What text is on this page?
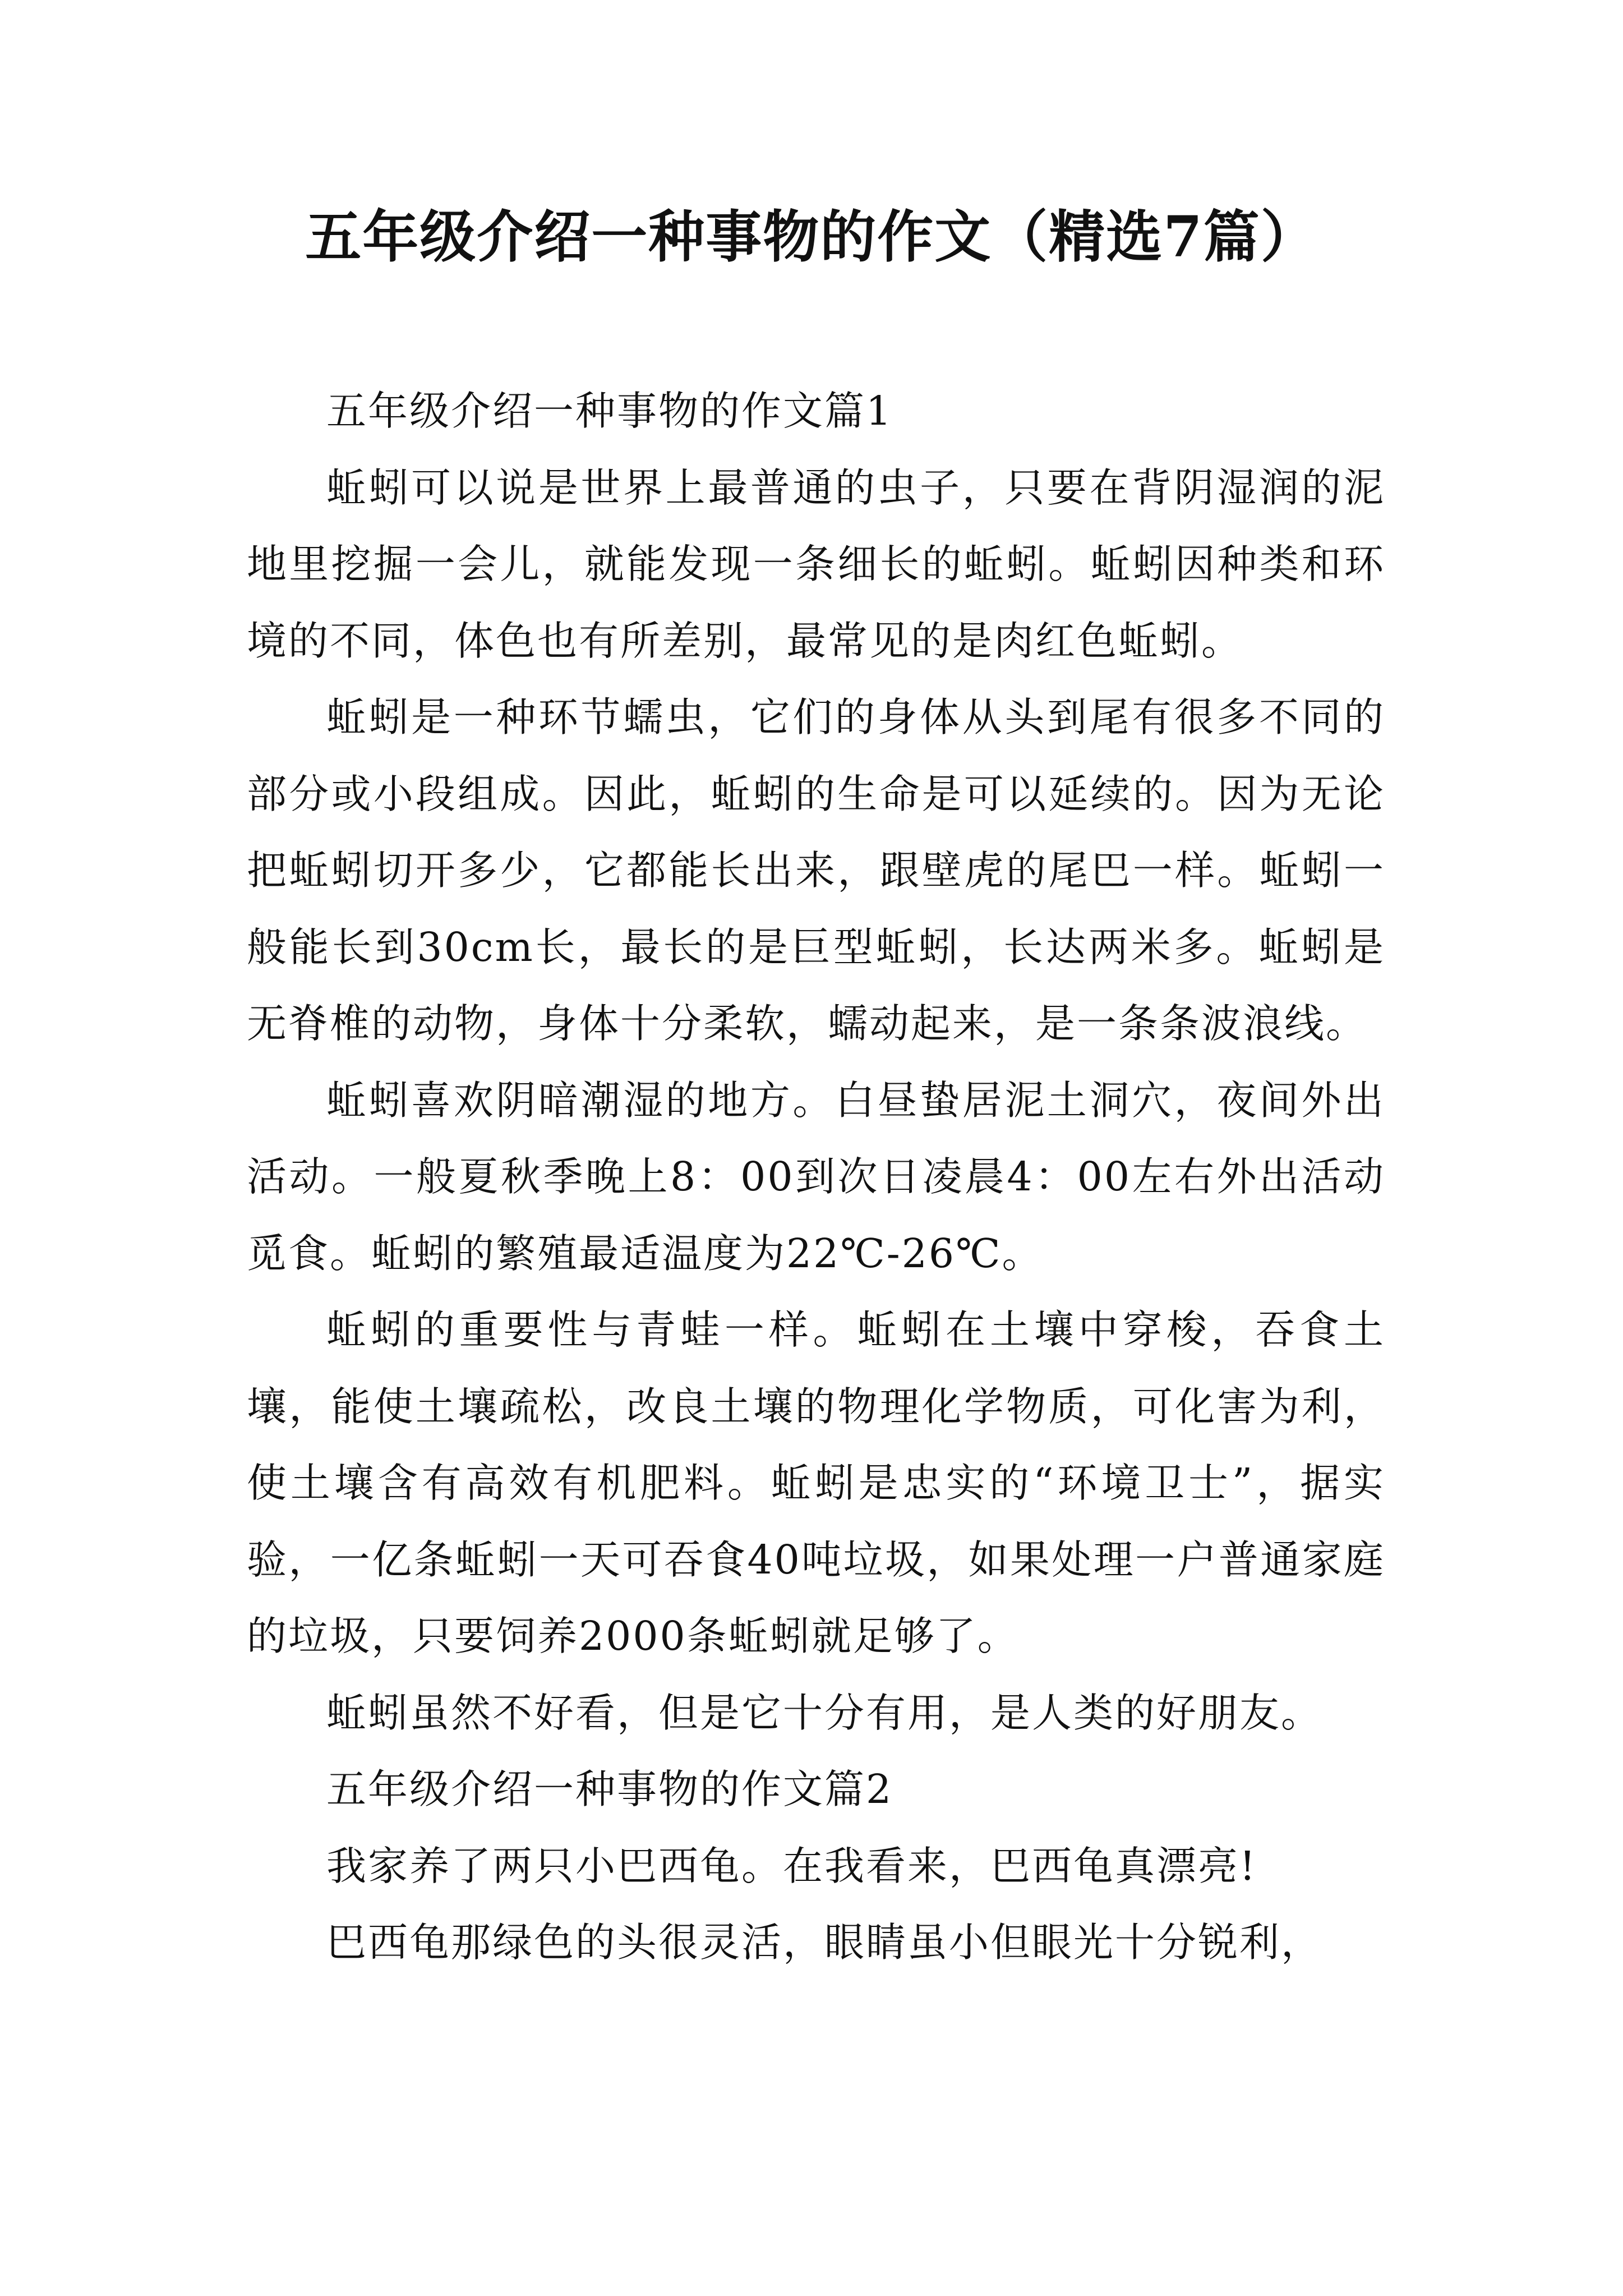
五年级介绍一种事物的作文（精选7篇）

五年级介绍一种事物的作文篇1

蚯蚓可以说是世界上最普通的虫子，只要在背阴湿润的泥地里挖掘一会儿，就能发现一条细长的蚯蚓。蚯蚓因种类和环境的不同，体色也有所差别，最常见的是肉红色蚯蚓。

蚯蚓是一种环节蠕虫，它们的身体从头到尾有很多不同的部分或小段组成。因此，蚯蚓的生命是可以延续的。因为无论把蚯蚓切开多少，它都能长出来，跟壁虎的尾巴一样。蚯蚓一般能长到30cm长，最长的是巨型蚯蚓，长达两米多。蚯蚓是无脊椎的动物，身体十分柔软，蠕动起来，是一条条波浪线。

蚯蚓喜欢阴暗潮湿的地方。白昼蛰居泥土洞穴，夜间外出活动。一般夏秋季晚上8：00到次日凌晨4：00左右外出活动觅食。蚯蚓的繁殖最适温度为22℃-26℃。

蚯蚓的重要性与青蛙一样。蚯蚓在土壤中穿梭，吞食土壤，能使土壤疏松，改良土壤的物理化学物质，可化害为利，使土壤含有高效有机肥料。蚯蚓是忠实的“环境卫士”，据实验，一亿条蚯蚓一天可吞食40吨垃圾，如果处理一户普通家庭的垃圾，只要饲养2000条蚯蚓就足够了。

蚯蚓虽然不好看，但是它十分有用，是人类的好朋友。

五年级介绍一种事物的作文篇2

我家养了两只小巴西龟。在我看来，巴西龟真漂亮!

巴西龟那绿色的头很灵活，眼睛虽小但眼光十分锐利，
